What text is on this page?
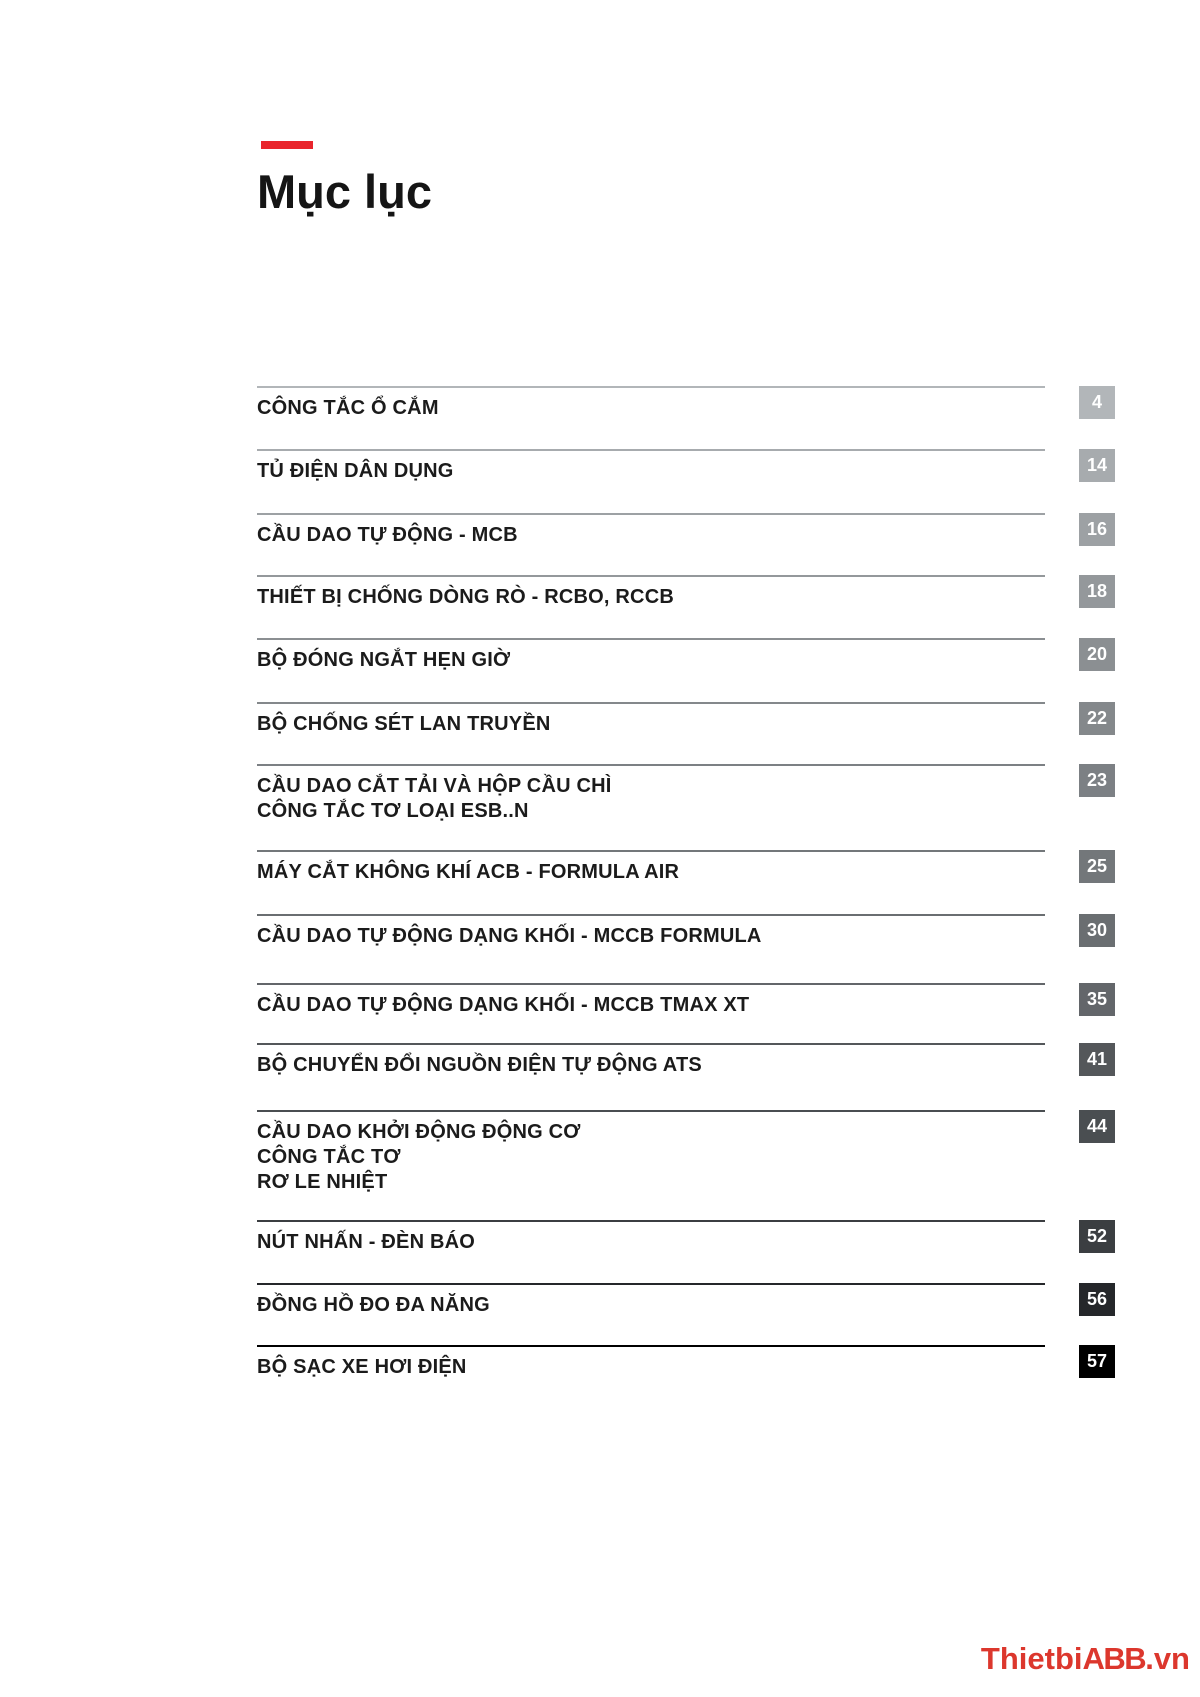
Mục lục
CÔNG TẮC Ổ CẮM	4
TỦ ĐIỆN DÂN DỤNG	14
CẦU DAO TỰ ĐỘNG - MCB	16
THIẾT BỊ CHỐNG DÒNG RÒ - RCBO, RCCB	18
BỘ ĐÓNG NGẮT HẸN GIỜ	20
BỘ CHỐNG SÉT LAN TRUYỀN	22
CẦU DAO CẮT TẢI VÀ HỘP CẦU CHÌ
CÔNG TẮC TƠ LOẠI ESB..N
23
MÁY CẮT KHÔNG KHÍ ACB - FORMULA AIR	25
CẦU DAO TỰ ĐỘNG DẠNG KHỐI - MCCB FORMULA	30
CẦU DAO TỰ ĐỘNG DẠNG KHỐI - MCCB TMAX XT	35
BỘ CHUYỂN ĐỔI NGUỒN ĐIỆN TỰ ĐỘNG ATS	41
CẦU DAO KHỞI ĐỘNG ĐỘNG CƠ
CÔNG TẮC TƠ
RƠ LE NHIỆT
44
NÚT NHẤN - ĐÈN BÁO	52
ĐỒNG HỒ ĐO ĐA NĂNG	56
BỘ SẠC XE HƠI ĐIỆN	57
ThietbiABB.vn
